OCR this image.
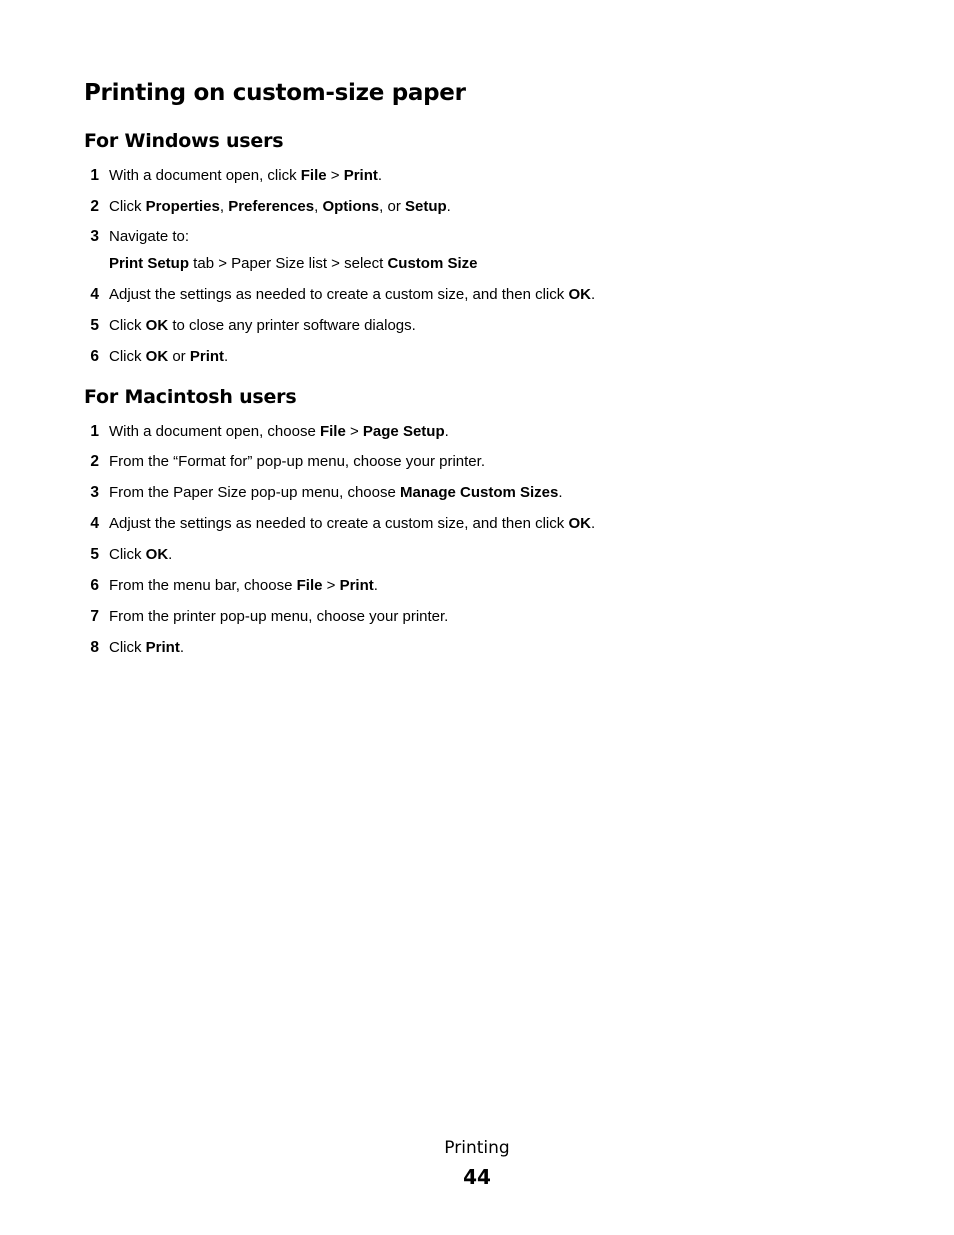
Printing on custom-size paper
For Windows users
1 With a document open, click File > Print.
2 Click Properties, Preferences, Options, or Setup.
3 Navigate to:
Print Setup tab > Paper Size list > select Custom Size
4 Adjust the settings as needed to create a custom size, and then click OK.
5 Click OK to close any printer software dialogs.
6 Click OK or Print.
For Macintosh users
1 With a document open, choose File > Page Setup.
2 From the “Format for” pop-up menu, choose your printer.
3 From the Paper Size pop-up menu, choose Manage Custom Sizes.
4 Adjust the settings as needed to create a custom size, and then click OK.
5 Click OK.
6 From the menu bar, choose File > Print.
7 From the printer pop-up menu, choose your printer.
8 Click Print.
Printing
44
